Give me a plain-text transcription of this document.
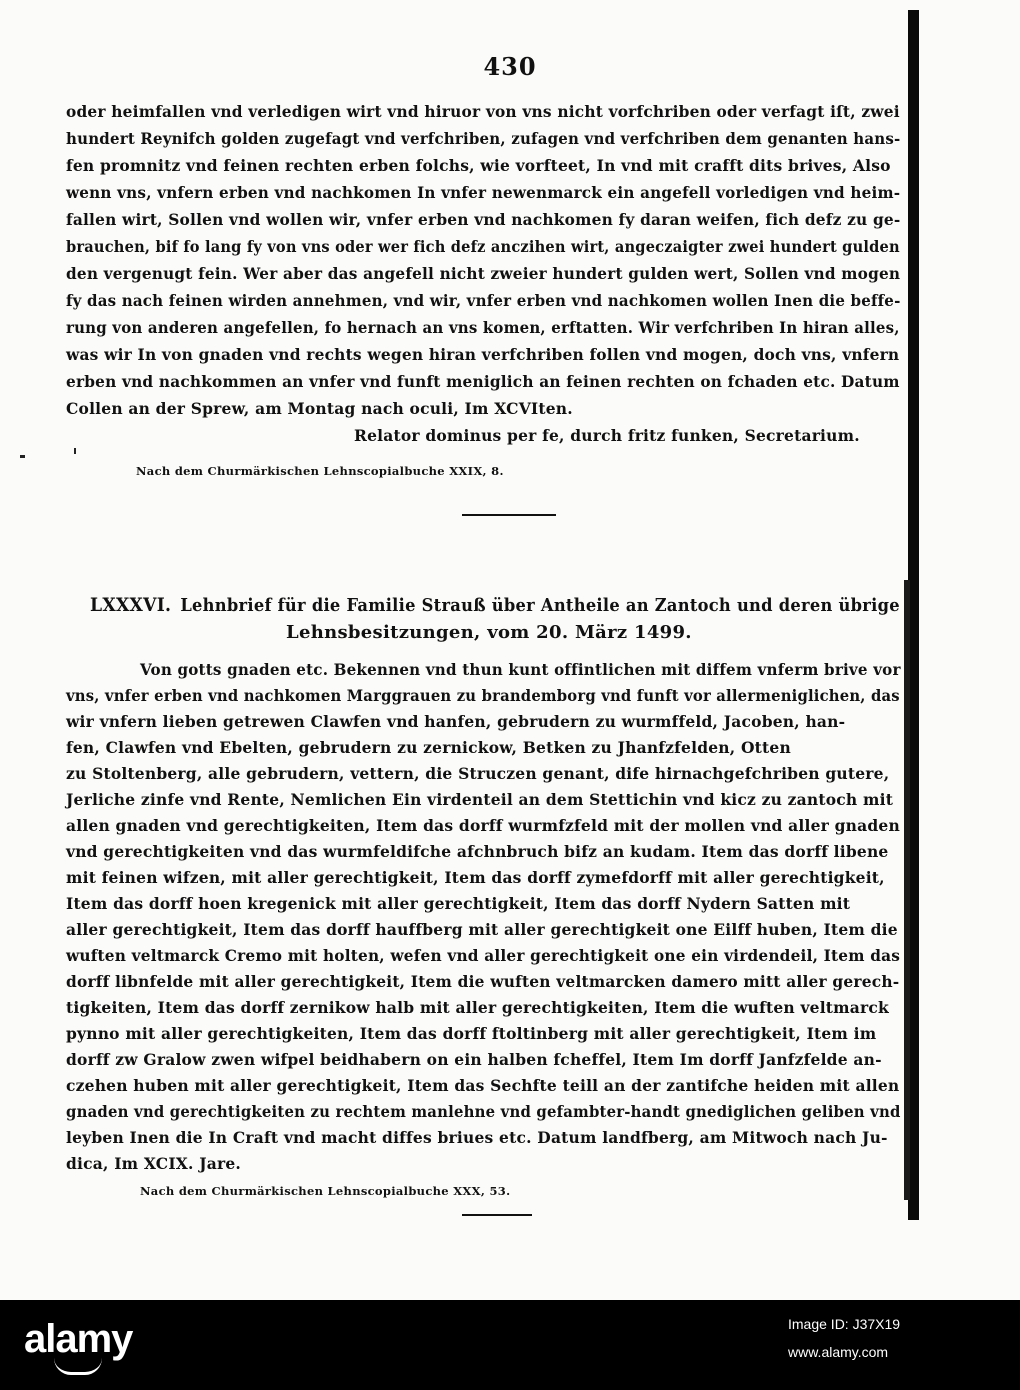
430
oder heimfallen vnd verledigen wirt vnd hiruor von vns nicht vorfchriben oder verfagt iſt, zwei
hundert Reynifch golden zugefagt vnd verfchriben, zufagen vnd verfchriben dem genanten hans-
fen promnitz vnd feinen rechten erben folchs, wie vorfteet, In vnd mit crafft dits brives, Also
wenn vns, vnfern erben vnd nachkomen In vnfer newenmarck ein angefell vorledigen vnd heim-
fallen wirt, Sollen vnd wollen wir, vnfer erben vnd nachkomen fy daran weifen, fich defz zu ge-
brauchen, bif fo lang fy von vns oder wer fich defz anczihen wirt, angeczaigter zwei hundert gulden
den vergenugt fein. Wer aber das angefell nicht zweier hundert gulden wert, Sollen vnd mogen
fy das nach feinen wirden annehmen, vnd wir, vnfer erben vnd nachkomen wollen Inen die beffe-
rung von anderen angefellen, fo hernach an vns komen, erftatten. Wir verfchriben In hiran alles,
was wir In von gnaden vnd rechts wegen hiran verfchriben follen vnd mogen, doch vns, vnfern
erben vnd nachkommen an vnfer vnd funft meniglich an feinen rechten on fchaden etc. Datum
Collen an der Sprew, am Montag nach oculi, Im XCVIten.
Relator dominus per fe, durch fritz funken, Secretarium.
Nach dem Churmärkischen Lehnscopialbuche XXIX, 8.
LXXXVI. Lehnbrief für die Familie Strauß über Antheile an Zantoch und deren übrige
Lehnsbesitzungen, vom 20. März 1499.
Von gotts gnaden etc. Bekennen vnd thun kunt offintlichen mit diffem vnferm brive vor
vns, vnfer erben vnd nachkomen Marggrauen zu brandemborg vnd funft vor allermeniglichen, das
wir vnfern lieben getrewen Clawfen vnd hanfen, gebrudern zu wurmffeld, Jacoben, han-
fen, Clawfen vnd Ebelten, gebrudern zu zernickow, Betken zu Jhanfzfelden, Otten
zu Stoltenberg, alle gebrudern, vettern, die Struczen genant, dife hirnachgefchriben gutere,
Jerliche zinfe vnd Rente, Nemlichen Ein virdenteil an dem Stettichin vnd kicz zu zantoch mit
allen gnaden vnd gerechtigkeiten, Item das dorff wurmfzfeld mit der mollen vnd aller gnaden
vnd gerechtigkeiten vnd das wurmfeldifche afchnbruch bifz an kudam. Item das dorff libene
mit feinen wifzen, mit aller gerechtigkeit, Item das dorff zymefdorff mit aller gerechtigkeit,
Item das dorff hoen kregenick mit aller gerechtigkeit, Item das dorff Nydern Satten mit
aller gerechtigkeit, Item das dorff hauffberg mit aller gerechtigkeit one Eilff huben, Item die
wuften veltmarck Cremo mit holten, wefen vnd aller gerechtigkeit one ein virdendeil, Item das
dorff libnfelde mit aller gerechtigkeit, Item die wuften veltmarcken damero mitt aller gerech-
tigkeiten, Item das dorff zernikow halb mit aller gerechtigkeiten, Item die wuften veltmarck
pynno mit aller gerechtigkeiten, Item das dorff ftoltinberg mit aller gerechtigkeit, Item im
dorff zw Gralow zwen wifpel beidhabern on ein halben fcheffel, Item Im dorff Janfzfelde an-
czehen huben mit aller gerechtigkeit, Item das Sechfte teill an der zantifche heiden mit allen
gnaden vnd gerechtigkeiten zu rechtem manlehne vnd gefambter-handt gnediglichen geliben vnd
leyben Inen die In Craft vnd macht diffes briues etc. Datum landfberg, am Mitwoch nach Ju-
dica, Im XCIX. Jare.
Nach dem Churmärkischen Lehnscopialbuche XXX, 53.
alamy	Image ID: J37X19
www.alamy.com
